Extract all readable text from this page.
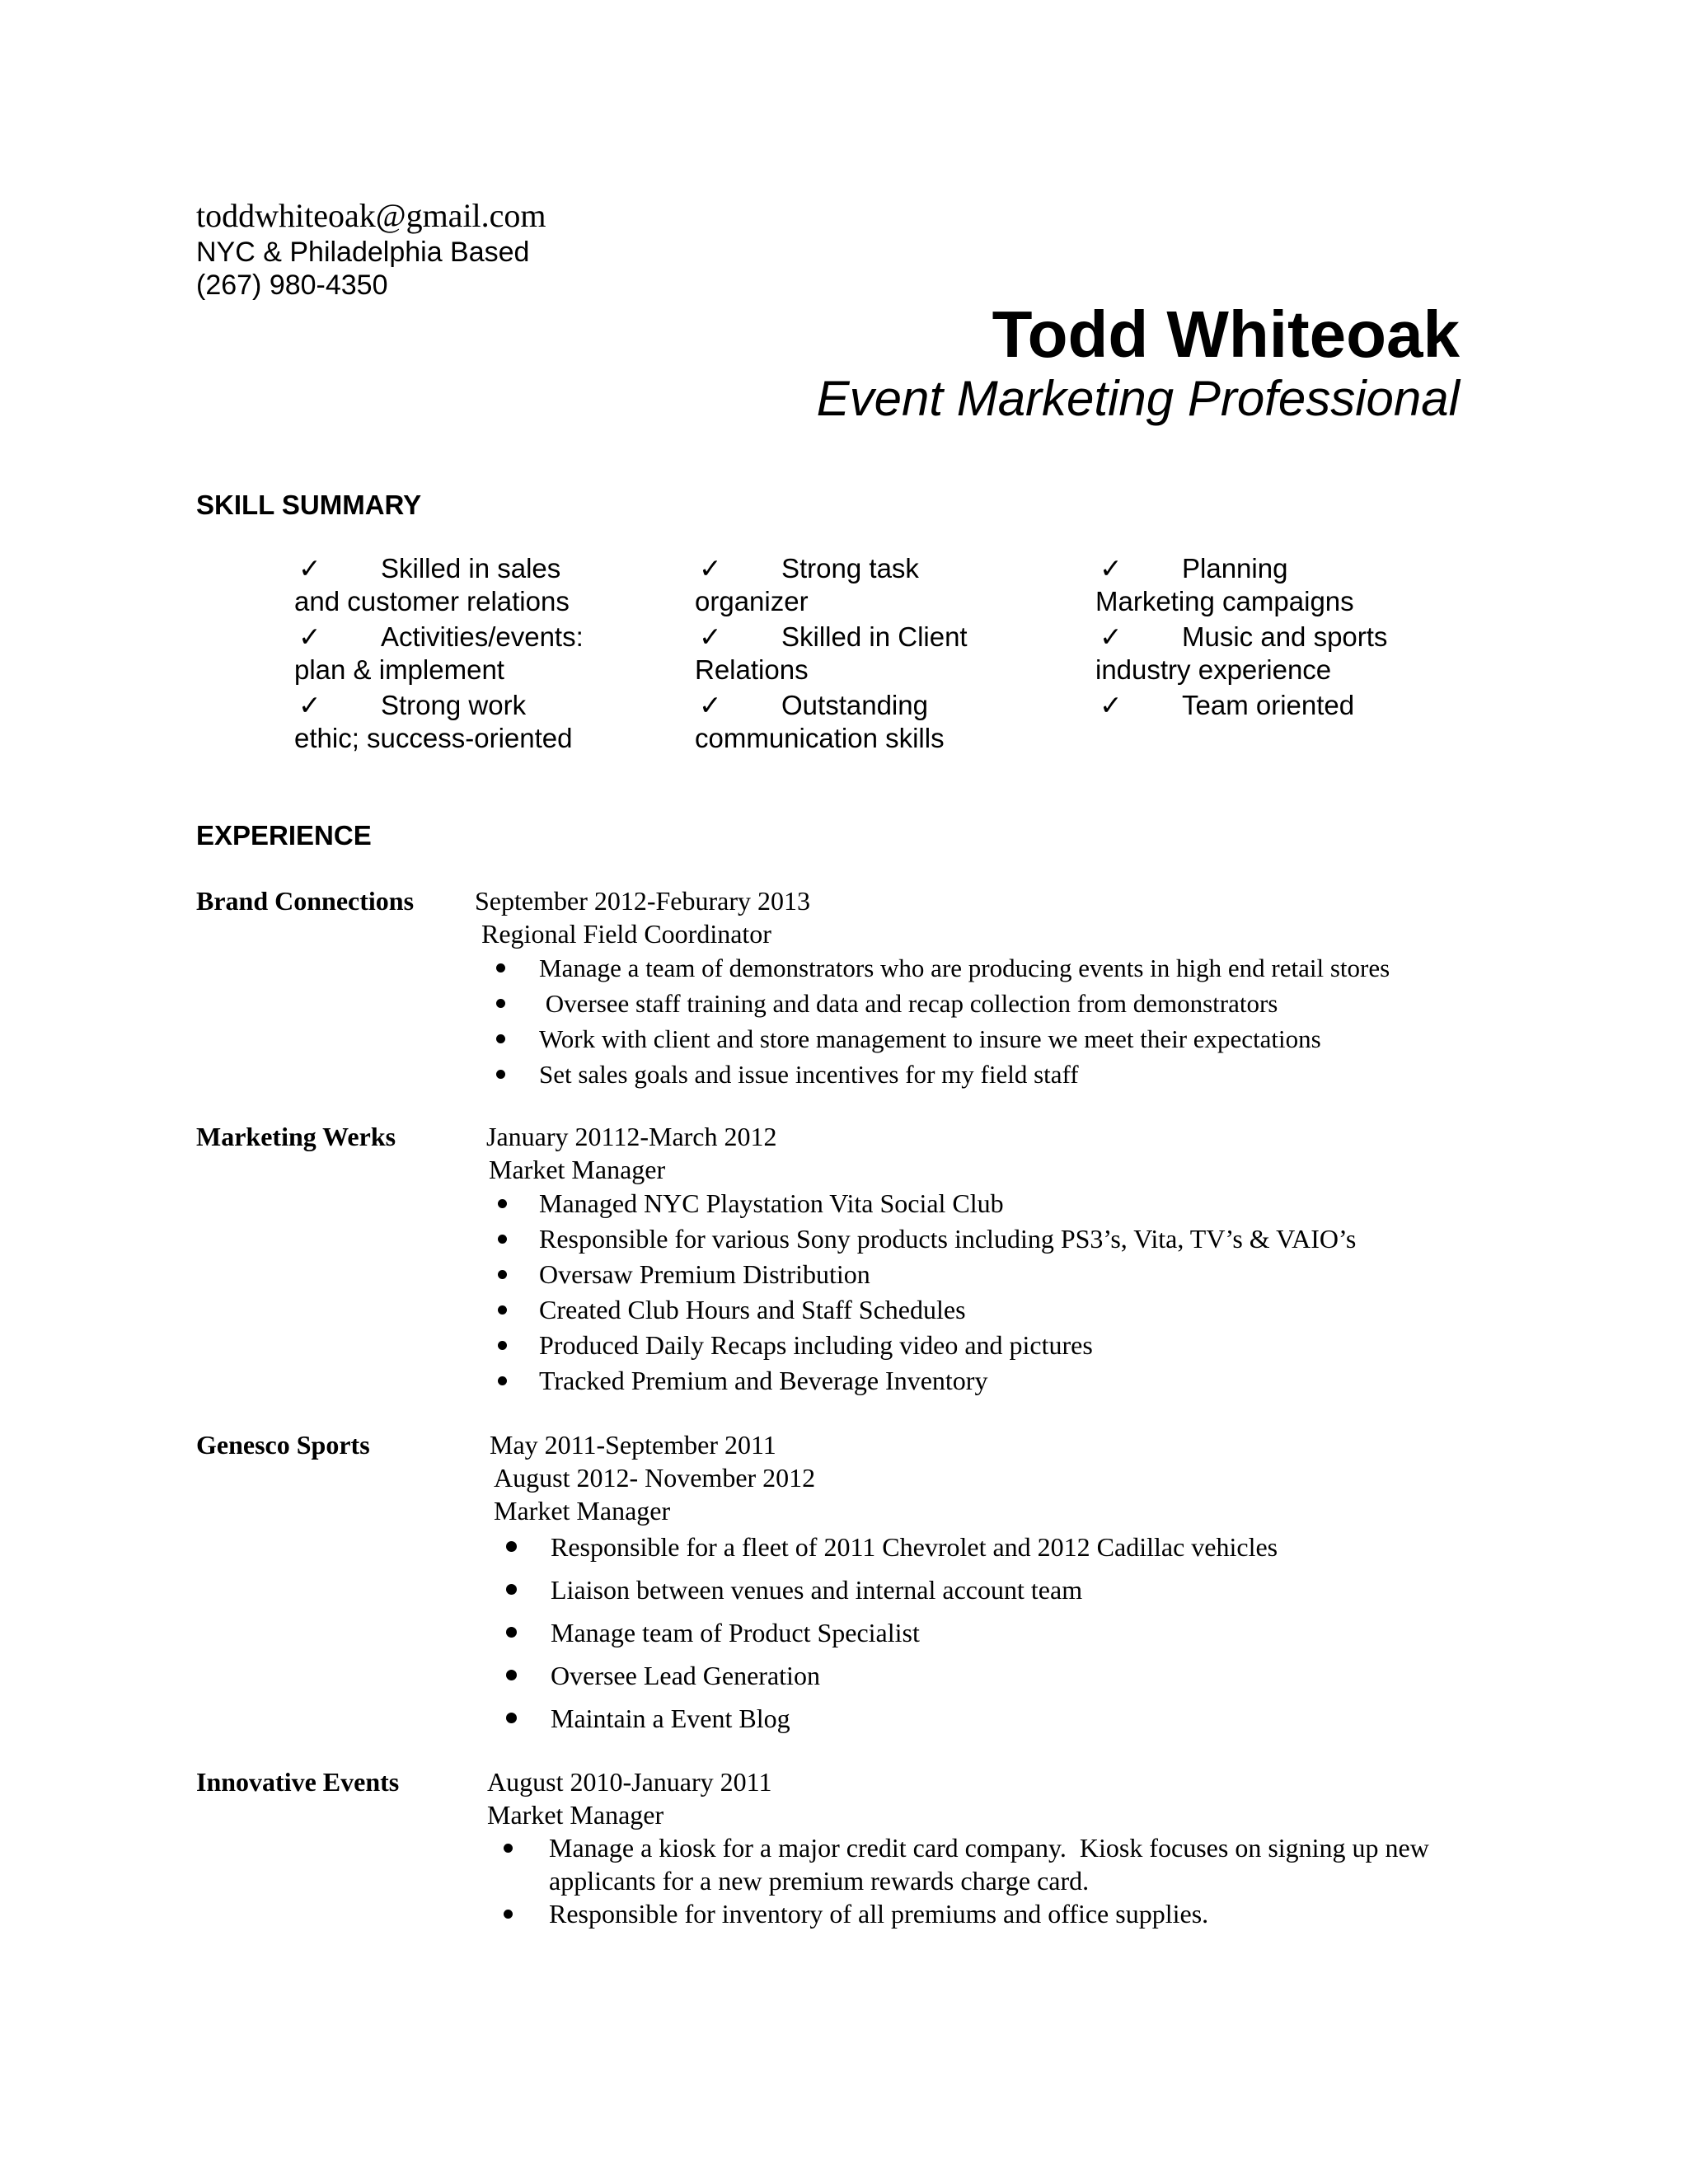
toddwhiteoak@gmail.com
NYC & Philadelphia Based
(267) 980-4350
Todd Whiteoak
Event Marketing Professional
SKILL SUMMARY
✓ Skilled in sales
and customer relations
✓ Activities/events:
plan & implement
✓ Strong work
ethic; success-oriented
✓ Strong task
organizer
✓ Skilled in Client
Relations
✓ Outstanding
communication skills
✓ Planning
Marketing campaigns
✓ Music and sports
industry experience
✓ Team oriented
EXPERIENCE
Brand Connections September 2012-Feburary 2013
Regional Field Coordinator
Manage a team of demonstrators who are producing events in high end retail stores
Oversee staff training and data and recap collection from demonstrators
Work with client and store management to insure we meet their expectations
Set sales goals and issue incentives for my field staff
Marketing Werks	January 20112-March 2012
Market Manager
Managed NYC Playstation Vita Social Club
Responsible for various Sony products including PS3’s, Vita, TV’s & VAIO’s
Oversaw Premium Distribution
Created Club Hours and Staff Schedules
Produced Daily Recaps including video and pictures
Tracked Premium and Beverage Inventory
Genesco Sports	May 2011-September 2011
August 2012- November 2012
Market Manager
Responsible for a fleet of 2011 Chevrolet and 2012 Cadillac vehicles
Liaison between venues and internal account team
Manage team of Product Specialist
Oversee Lead Generation
Maintain a Event Blog
Innovative Events	August 2010-January 2011
Market Manager
Manage a kiosk for a major credit card company.  Kiosk focuses on signing up new applicants for a new premium rewards charge card.
Responsible for inventory of all premiums and office supplies.
